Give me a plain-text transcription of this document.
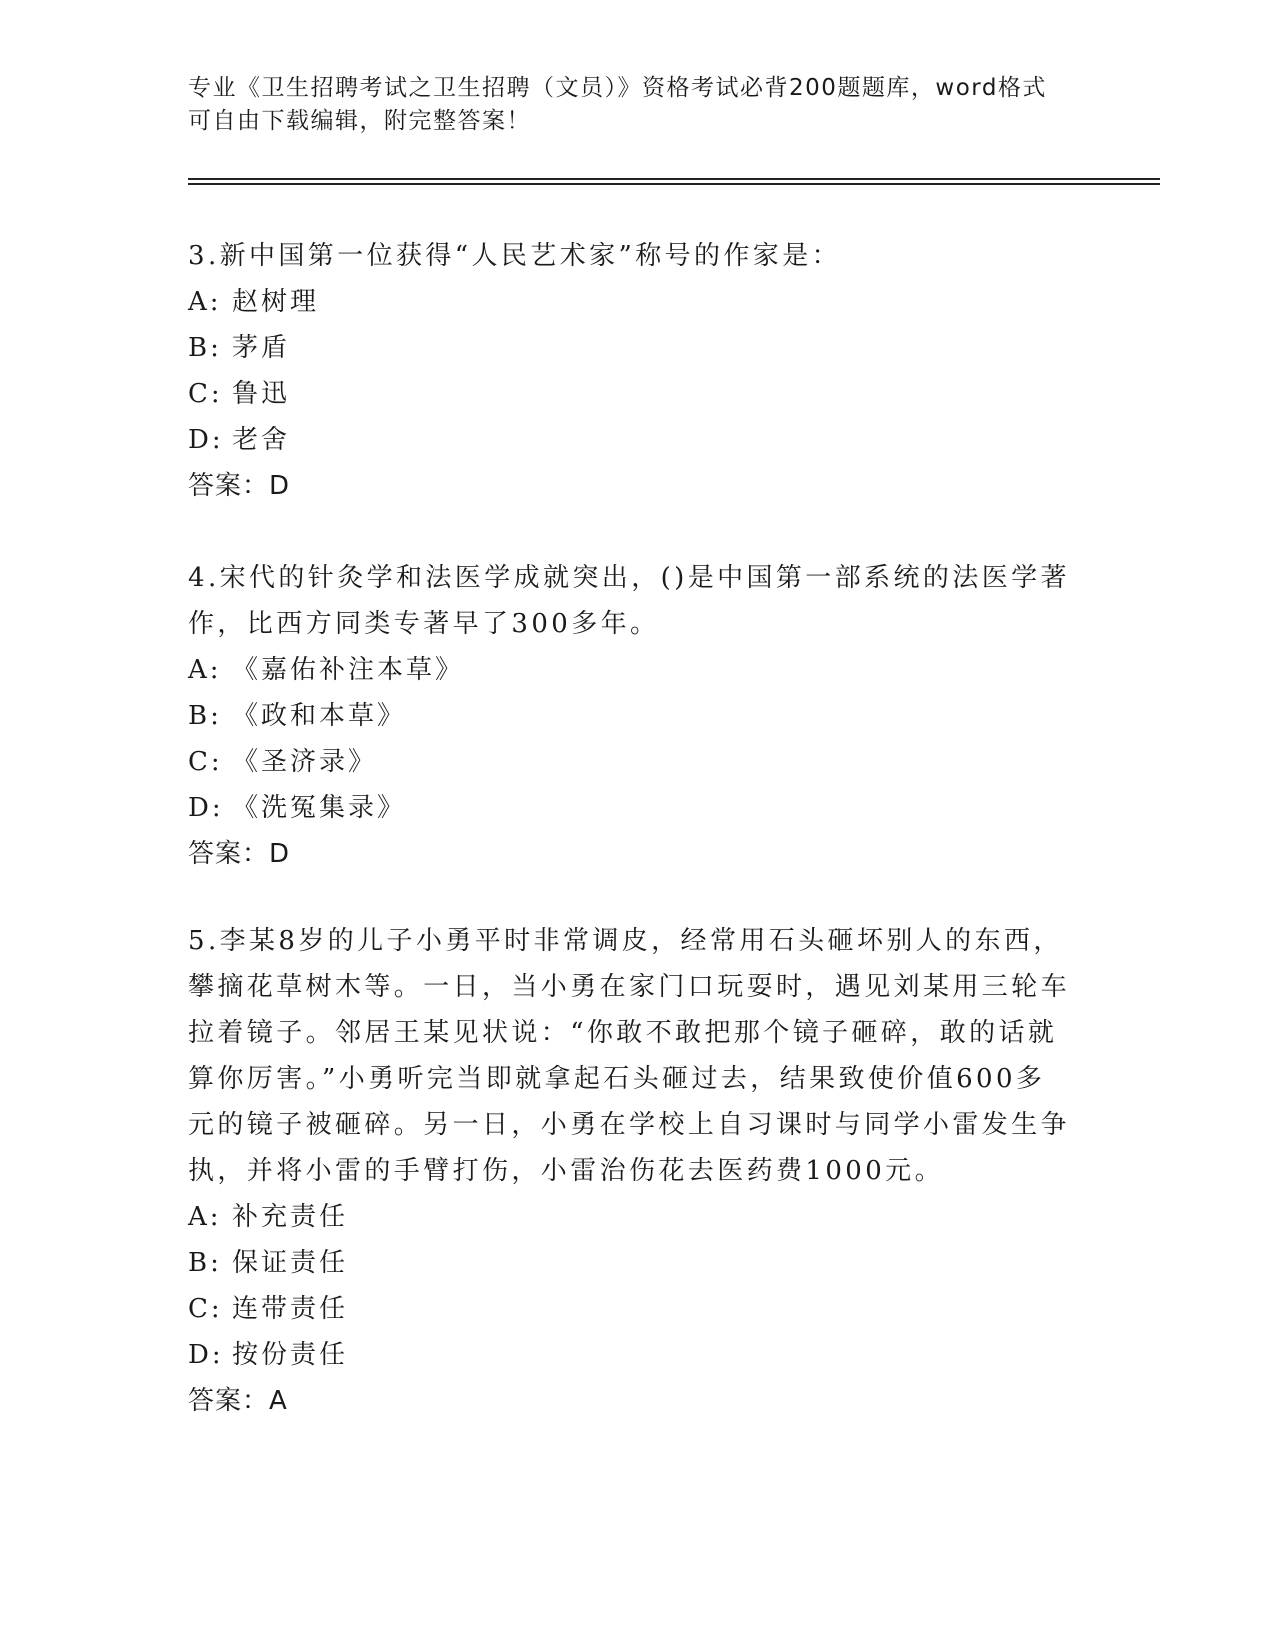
专业《卫生招聘考试之卫生招聘（文员）》资格考试必背200题题库，word格式
可自由下载编辑，附完整答案！
3.新中国第一位获得“人民艺术家”称号的作家是：
A: 赵树理
B: 茅盾
C: 鲁迅
D: 老舍
答案：D
4.宋代的针灸学和法医学成就突出，()是中国第一部系统的法医学著
作，比西方同类专著早了300多年。
A: 《嘉佑补注本草》
B: 《政和本草》
C: 《圣济录》
D: 《洗冤集录》
答案：D
5.李某8岁的儿子小勇平时非常调皮，经常用石头砸坏别人的东西，
攀摘花草树木等。一日，当小勇在家门口玩耍时，遇见刘某用三轮车
拉着镜子。邻居王某见状说：“你敢不敢把那个镜子砸碎，敢的话就
算你厉害。”小勇听完当即就拿起石头砸过去，结果致使价值600多
元的镜子被砸碎。另一日，小勇在学校上自习课时与同学小雷发生争
执，并将小雷的手臂打伤，小雷治伤花去医药费1000元。
A: 补充责任
B: 保证责任
C: 连带责任
D: 按份责任
答案：A
